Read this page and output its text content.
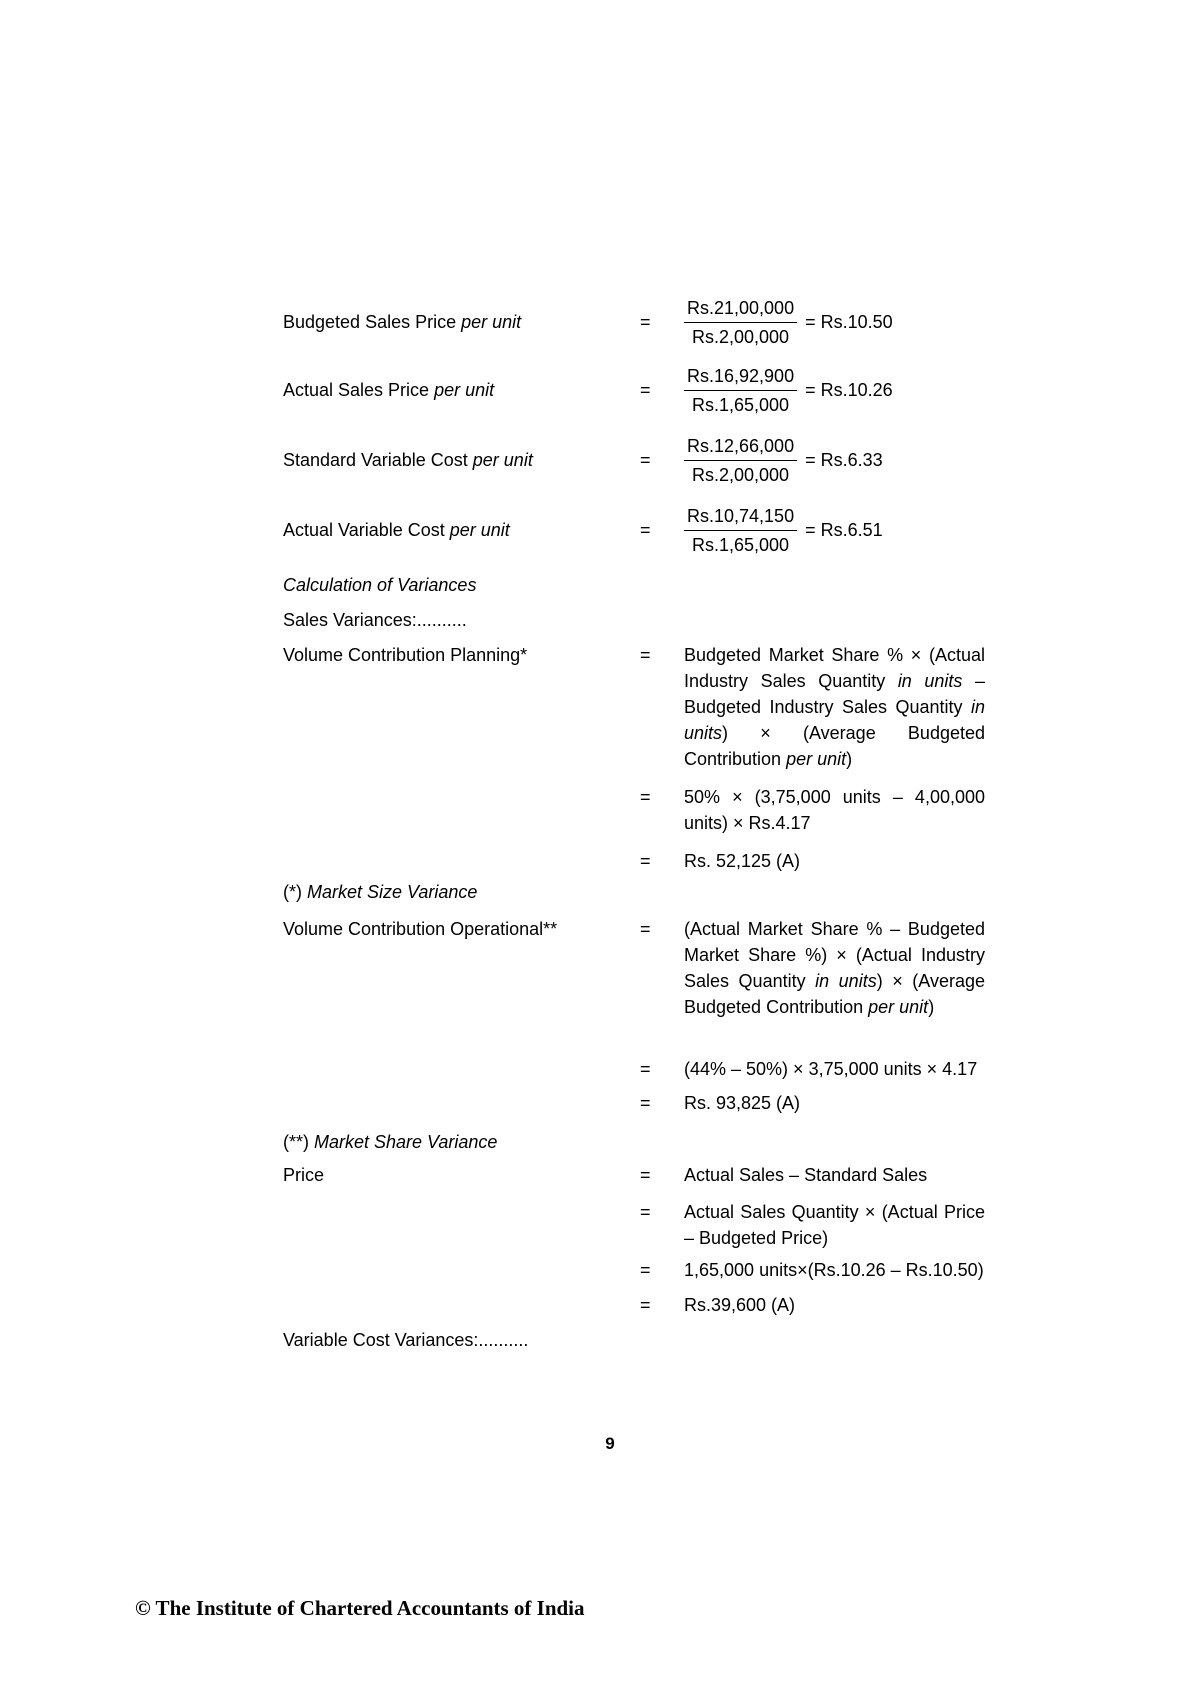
Budgeted Sales Price per unit	=	$\frac{Rs.21,00,000}{Rs.2,00,000} = Rs.10.50$
Actual Sales Price per unit	=	$\frac{Rs.16,92,900}{Rs.1,65,000} = Rs.10.26$
Standard Variable Cost per unit	=	$\frac{Rs.12,66,000}{Rs.2,00,000} = Rs.6.33$
Actual Variable Cost per unit	=	$\frac{Rs.10,74,150}{Rs.1,65,000} = Rs.6.51$
Calculation of Variances
Sales Variances:..........
Volume Contribution Planning*	=	Budgeted Market Share % × (Actual Industry Sales Quantity in units – Budgeted Industry Sales Quantity in units) × (Average Budgeted Contribution per unit)
=	50% × (3,75,000 units – 4,00,000 units) × Rs.4.17
=	Rs. 52,125 (A)
(*) Market Size Variance
Volume Contribution Operational**	=	(Actual Market Share % – Budgeted Market Share %) × (Actual Industry Sales Quantity in units) × (Average Budgeted Contribution per unit)
=	(44% – 50%) × 3,75,000 units × 4.17
=	Rs. 93,825 (A)
(**) Market Share Variance
Price	=	Actual Sales – Standard Sales
=	Actual Sales Quantity × (Actual Price – Budgeted Price)
=	1,65,000 units×(Rs.10.26 – Rs.10.50)
=	Rs.39,600 (A)
Variable Cost Variances:..........
9
© The Institute of Chartered Accountants of India
